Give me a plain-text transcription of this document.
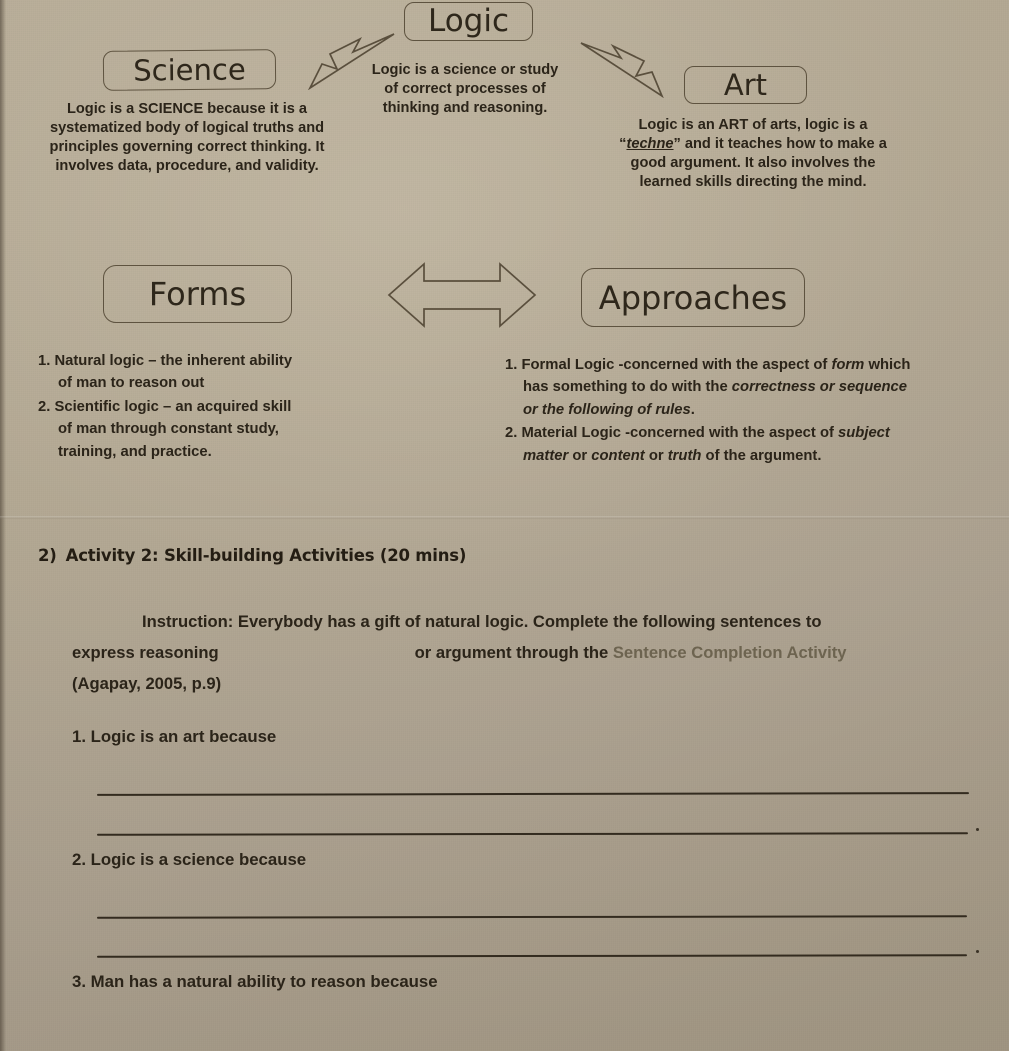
Logic
Science	Art
Forms	Approaches
Logic is a SCIENCE because it is a systematized body of logical truths and principles governing correct thinking. It involves data, procedure, and validity.
Logic is a science or study of correct processes of thinking and reasoning.
Logic is an ART of arts, logic is a “techne” and it teaches how to make a good argument. It also involves the learned skills directing the mind.
1. Natural logic – the inherent ability
of man to reason out
2. Scientific logic – an acquired skill
of man through constant study,
training, and practice.
1. Formal Logic -concerned with the aspect of form which
has something to do with the correctness or sequence
or the following of rules.
2. Material Logic -concerned with the aspect of subject
matter or content or truth of the argument.
2) Activity 2: Skill-building Activities (20 mins)
Instruction: Everybody has a gift of natural logic. Complete the following sentences to
express reasoning	or argument through the Sentence Completion Activity
(Agapay, 2005, p.9)
1. Logic is an art because
2. Logic is a science because
3. Man has a natural ability to reason because
